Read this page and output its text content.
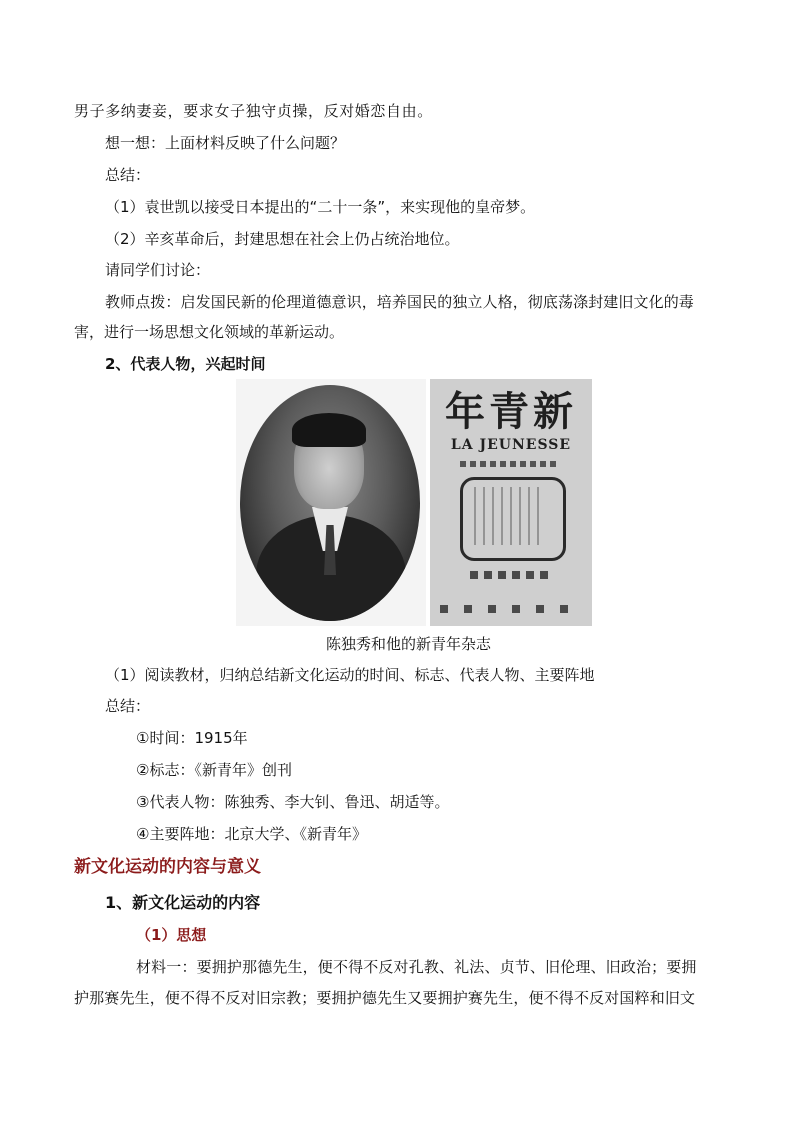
男子多纳妻妾，要求女子独守贞操，反对婚恋自由。
想一想：上面材料反映了什么问题？
总结：
（1）袁世凯以接受日本提出的“二十一条”，来实现他的皇帝梦。
（2）辛亥革命后，封建思想在社会上仍占统治地位。
请同学们讨论：
教师点拨：启发国民新的伦理道德意识，培养国民的独立人格，彻底荡涤封建旧文化的毒
害，进行一场思想文化领域的革新运动。
2、代表人物，兴起时间
年青新
LA JEUNESSE
陈独秀和他的新青年杂志
（1）阅读教材，归纳总结新文化运动的时间、标志、代表人物、主要阵地
总结：
①时间：1915年
②标志：《新青年》创刊
③代表人物：陈独秀、李大钊、鲁迅、胡适等。
④主要阵地：北京大学、《新青年》
新文化运动的内容与意义
1、新文化运动的内容
（1）思想
材料一：要拥护那德先生，便不得不反对孔教、礼法、贞节、旧伦理、旧政治；要拥
护那赛先生，便不得不反对旧宗教；要拥护德先生又要拥护赛先生，便不得不反对国粹和旧文
